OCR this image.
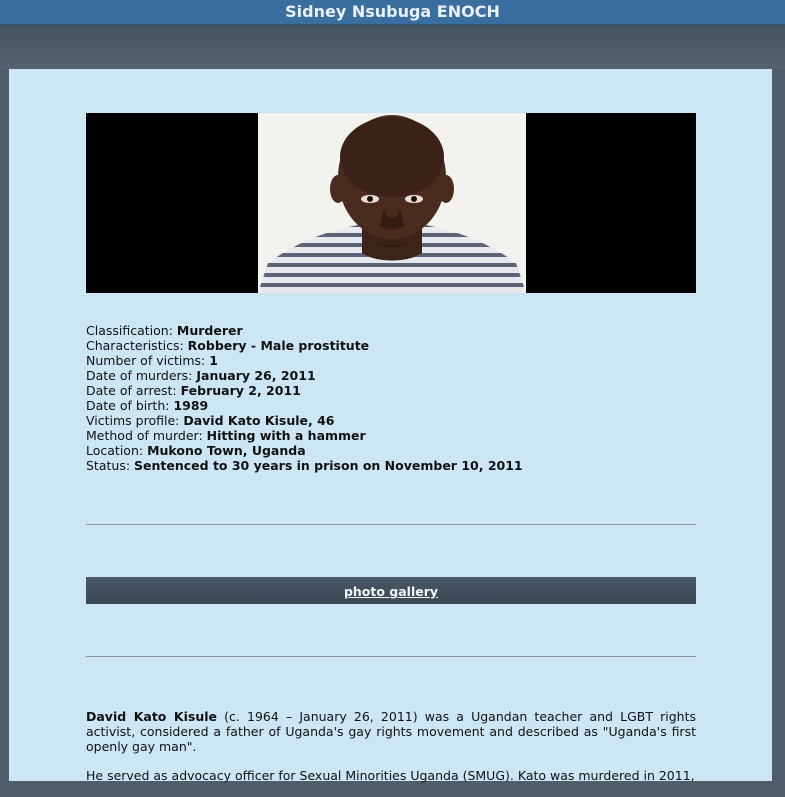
Sidney Nsubuga ENOCH
Classification: Murderer
Characteristics: Robbery - Male prostitute
Number of victims: 1
Date of murders: January 26, 2011
Date of arrest: February 2, 2011
Date of birth: 1989
Victims profile: David Kato Kisule, 46
Method of murder: Hitting with a hammer
Location: Mukono Town, Uganda
Status: Sentenced to 30 years in prison on November 10, 2011
photo gallery

David Kato Kisule (c. 1964 – January 26, 2011) was a Ugandan teacher and LGBT rights activist, considered a father of Uganda's gay rights movement and described as "Uganda's first openly gay man".

He served as advocacy officer for Sexual Minorities Uganda (SMUG). Kato was murdered in 2011,
